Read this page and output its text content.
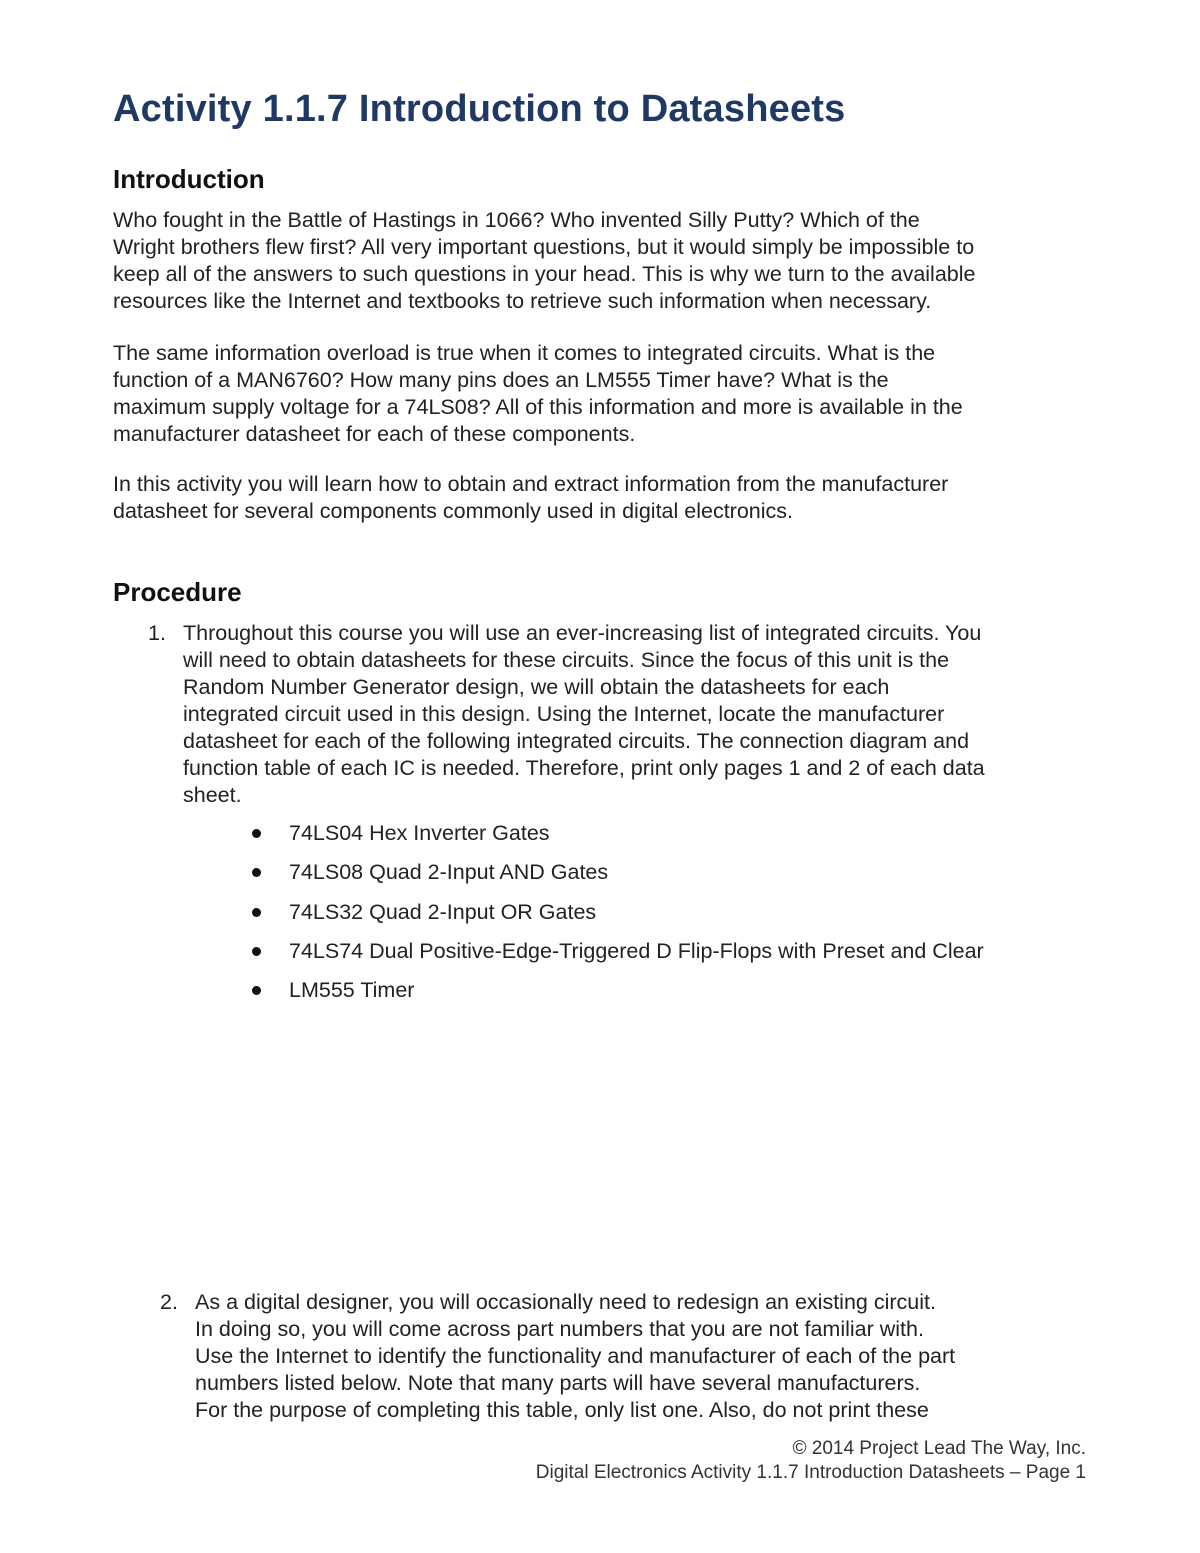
Activity 1.1.7 Introduction to Datasheets
Introduction

Who fought in the Battle of Hastings in 1066? Who invented Silly Putty? Which of the
Wright brothers flew first? All very important questions, but it would simply be impossible to
keep all of the answers to such questions in your head. This is why we turn to the available
resources like the Internet and textbooks to retrieve such information when necessary.

The same information overload is true when it comes to integrated circuits. What is the
function of a MAN6760? How many pins does an LM555 Timer have? What is the
maximum supply voltage for a 74LS08? All of this information and more is available in the
manufacturer datasheet for each of these components.

In this activity you will learn how to obtain and extract information from the manufacturer
datasheet for several components commonly used in digital electronics.

Procedure
1. Throughout this course you will use an ever-increasing list of integrated circuits. You
will need to obtain datasheets for these circuits. Since the focus of this unit is the
Random Number Generator design, we will obtain the datasheets for each
integrated circuit used in this design. Using the Internet, locate the manufacturer
datasheet for each of the following integrated circuits. The connection diagram and
function table of each IC is needed. Therefore, print only pages 1 and 2 of each data
sheet.
74LS04 Hex Inverter Gates
74LS08 Quad 2-Input AND Gates
74LS32 Quad 2-Input OR Gates
74LS74 Dual Positive-Edge-Triggered D Flip-Flops with Preset and Clear
LM555 Timer
2. As a digital designer, you will occasionally need to redesign an existing circuit.
In doing so, you will come across part numbers that you are not familiar with.
Use the Internet to identify the functionality and manufacturer of each of the part
numbers listed below. Note that many parts will have several manufacturers.
For the purpose of completing this table, only list one. Also, do not print these
© 2014 Project Lead The Way, Inc.
Digital Electronics Activity 1.1.7 Introduction Datasheets – Page 1
